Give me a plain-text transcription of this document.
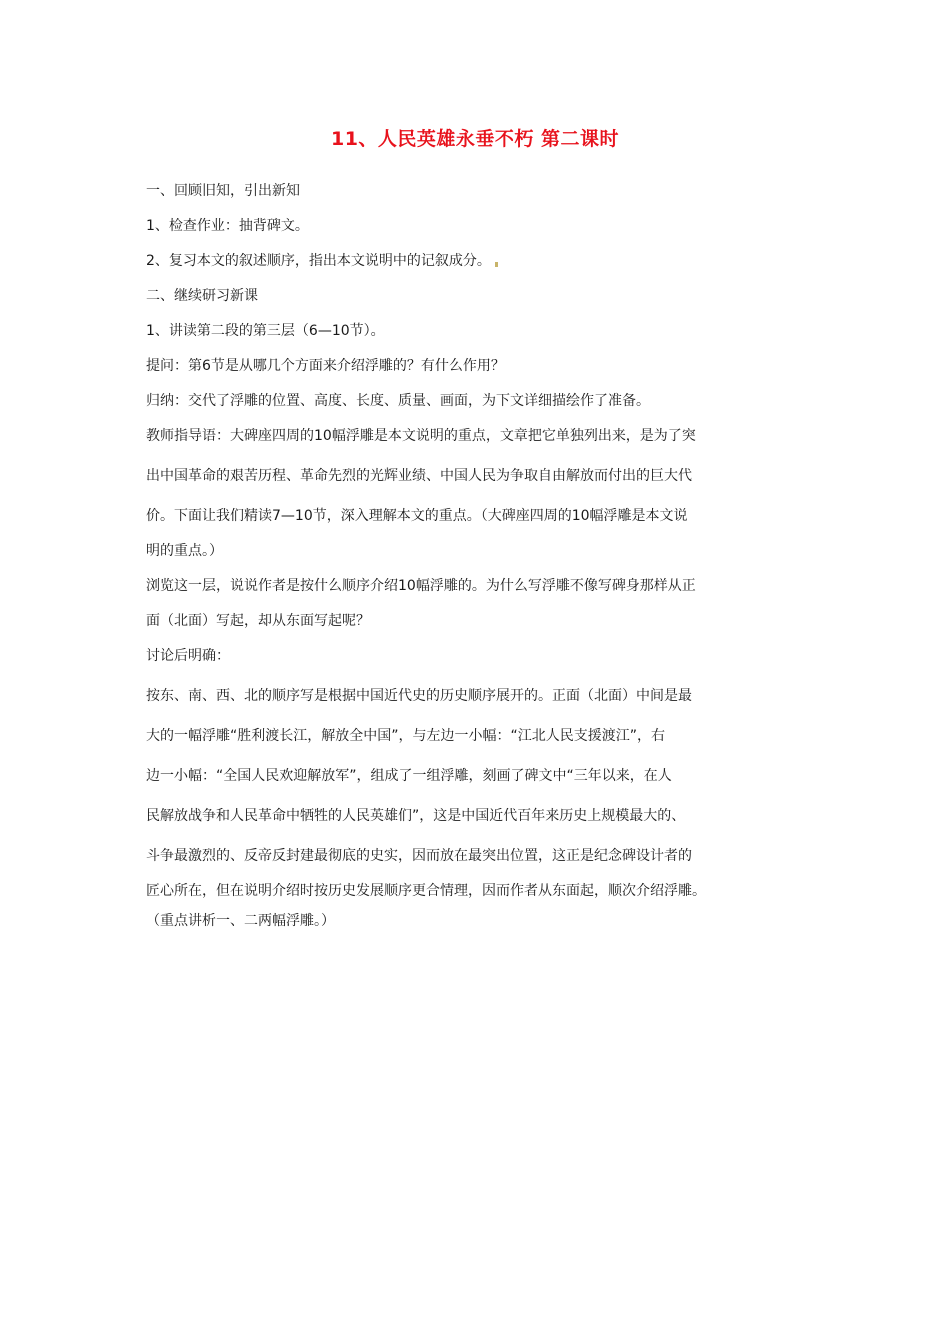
11、人民英雄永垂不朽 第二课时
一、回顾旧知，引出新知
1、检查作业：抽背碑文。
2、复习本文的叙述顺序，指出本文说明中的记叙成分。
二、继续研习新课
1、讲读第二段的第三层（6—10节）。
提问：第6节是从哪几个方面来介绍浮雕的？有什么作用？
归纳：交代了浮雕的位置、高度、长度、质量、画面，为下文详细描绘作了准备。
教师指导语：大碑座四周的10幅浮雕是本文说明的重点，文章把它单独列出来，是为了突
出中国革命的艰苦历程、革命先烈的光辉业绩、中国人民为争取自由解放而付出的巨大代
价。下面让我们精读7—10节，深入理解本文的重点。（大碑座四周的10幅浮雕是本文说
明的重点。）
浏览这一层，说说作者是按什么顺序介绍10幅浮雕的。为什么写浮雕不像写碑身那样从正
面（北面）写起，却从东面写起呢？
讨论后明确：
按东、南、西、北的顺序写是根据中国近代史的历史顺序展开的。正面（北面）中间是最
大的一幅浮雕“胜利渡长江，解放全中国”，与左边一小幅：“江北人民支援渡江”，右
边一小幅：“全国人民欢迎解放军”，组成了一组浮雕，刻画了碑文中“三年以来，在人
民解放战争和人民革命中牺牲的人民英雄们”，这是中国近代百年来历史上规模最大的、
斗争最激烈的、反帝反封建最彻底的史实，因而放在最突出位置，这正是纪念碑设计者的
匠心所在，但在说明介绍时按历史发展顺序更合情理，因而作者从东面起，顺次介绍浮雕。
（重点讲析一、二两幅浮雕。）
